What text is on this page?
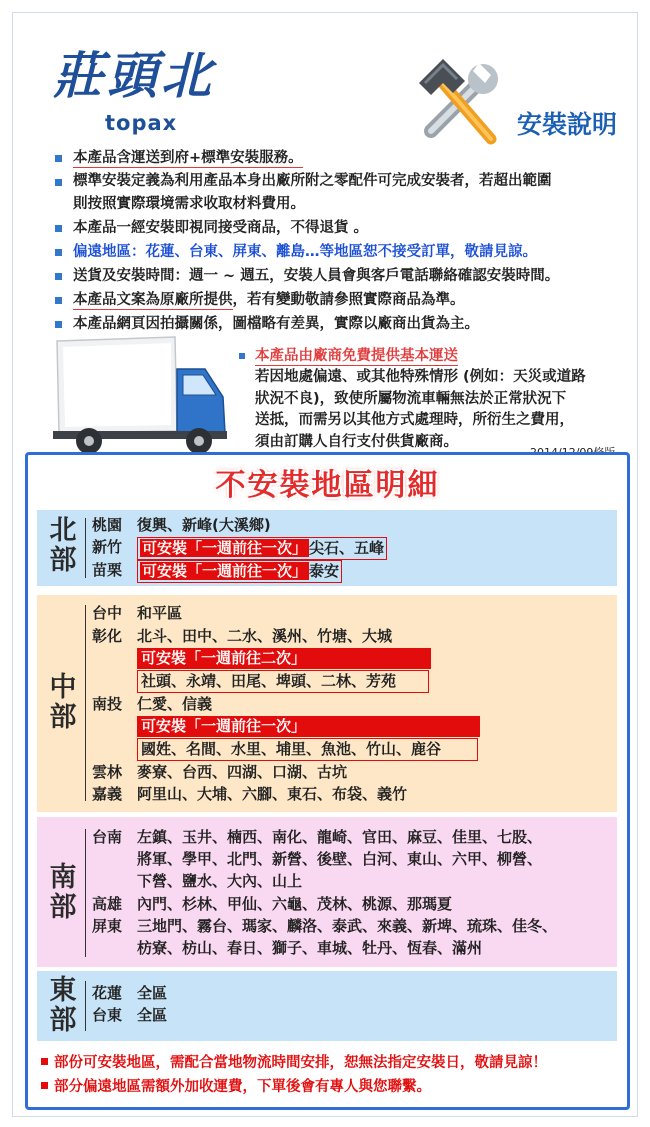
莊頭北
topax	安裝說明
本產品含運送到府+標準安裝服務。
標準安裝定義為利用產品本身出廠所附之零配件可完成安裝者，若超出範圍
則按照實際環境需求收取材料費用。
本產品一經安裝即視同接受商品，不得退貨 。
偏遠地區：花蓮、台東、屏東、離島…等地區恕不接受訂單，敬請見諒。
送貨及安裝時間：週一 ~ 週五，安裝人員會與客戶電話聯絡確認安裝時間。
本產品文案為原廠所提供，若有變動敬請參照實際商品為準。
本產品網頁因拍攝關係，圖檔略有差異，實際以廠商出貨為主。
本產品由廠商免費提供基本運送
若因地處偏遠、或其他特殊情形 (例如：天災或道路
狀況不良)，致使所屬物流車輛無法於正常狀況下
送抵，而需另以其他方式處理時，所衍生之費用，
須由訂購人自行支付供貨廠商。
不安裝地區明細
北部
桃園 復興、新峰(大溪鄉)
新竹	可安裝「一週前往一次」 尖石、五峰
苗栗	可安裝「一週前往一次」 泰安
中部
台中 和平區
彰化 北斗、田中、二水、溪州、竹塘、大城
可安裝「一週前往二次」
社頭、永靖、田尾、埤頭、二林、芳苑
南投 仁愛、信義
可安裝「一週前往一次」
國姓、名間、水里、埔里、魚池、竹山、鹿谷
雲林 麥寮、台西、四湖、口湖、古坑
嘉義 阿里山、大埔、六腳、東石、布袋、義竹
南部
台南 左鎮、玉井、楠西、南化、龍崎、官田、麻豆、佳里、七股、
將軍、學甲、北門、新營、後壁、白河、東山、六甲、柳營、
下營、鹽水、大內、山上
高雄 內門、杉林、甲仙、六龜、茂林、桃源、那瑪夏
屏東 三地門、霧台、瑪家、麟洛、泰武、來義、新埤、琉珠、佳冬、
枋寮、枋山、春日、獅子、車城、牡丹、恆春、滿州
東部
花蓮 全區
台東 全區
部份可安裝地區，需配合當地物流時間安排，恕無法指定安裝日，敬請見諒！
部分偏遠地區需額外加收運費，下單後會有專人與您聯繫。
